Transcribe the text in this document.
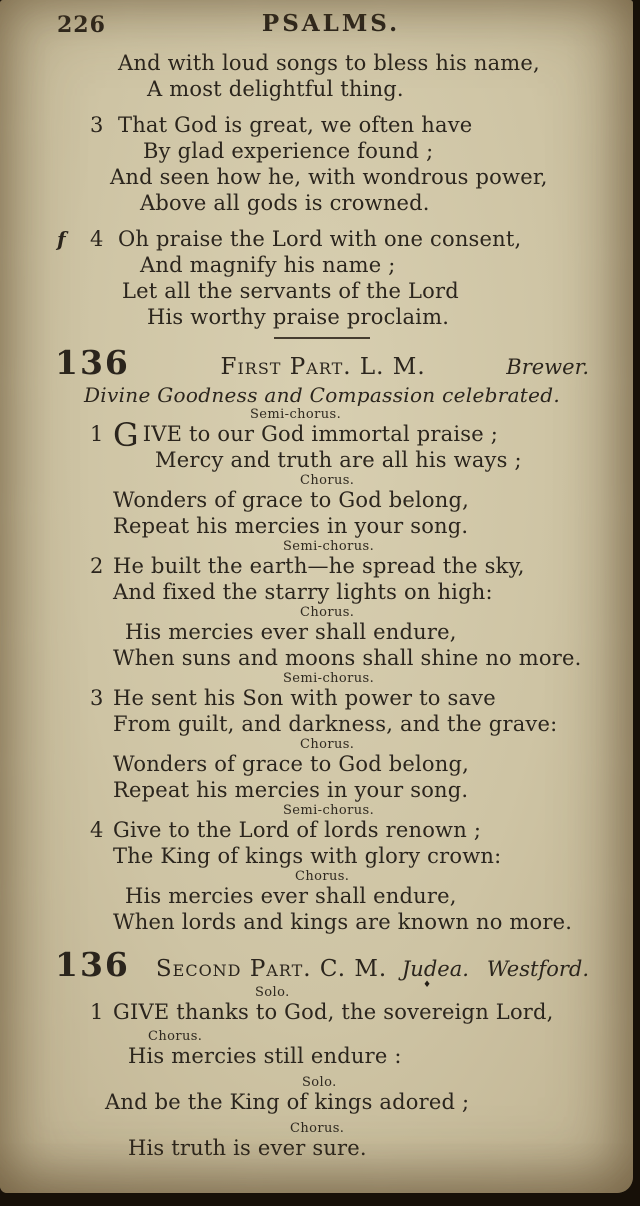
226	PSALMS.
And with loud songs to bless his name,
A most delightful thing.
3 That God is great, we often have
By glad experience found ;
And seen how he, with wondrous power,
Above all gods is crowned.
f 4 Oh praise the Lord with one consent,
And magnify his name ;
Let all the servants of the Lord
His worthy praise proclaim.
136	First Part. L. M.	Brewer.
Divine Goodness and Compassion celebrated.
Semi-chorus.
1 G IVE to our God immortal praise ;
Mercy and truth are all his ways ;
Chorus.
Wonders of grace to God belong,
Repeat his mercies in your song.
Semi-chorus.
2 He built the earth—he spread the sky,
And fixed the starry lights on high:
Chorus.
His mercies ever shall endure,
When suns and moons shall shine no more.
Semi-chorus.
3 He sent his Son with power to save
From guilt, and darkness, and the grave:
Chorus.
Wonders of grace to God belong,
Repeat his mercies in your song.
Semi-chorus.
4 Give to the Lord of lords renown ;
The King of kings with glory crown:
Chorus.
His mercies ever shall endure,
When lords and kings are known no more.
136 Second Part. C. M. Judea. Westford.
♦
Solo.
1 GIVE thanks to God, the sovereign Lord,
Chorus.
His mercies still endure :
Solo.
And be the King of kings adored ;
Chorus.
His truth is ever sure.
